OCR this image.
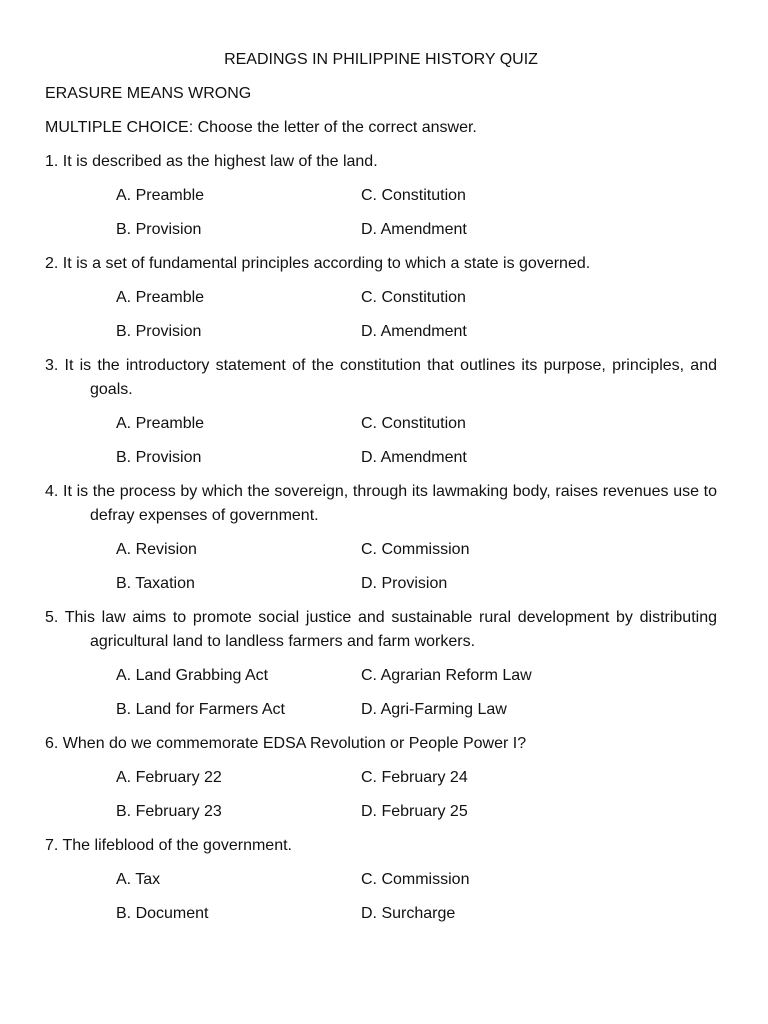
READINGS IN PHILIPPINE HISTORY QUIZ
ERASURE MEANS WRONG
MULTIPLE CHOICE: Choose the letter of the correct answer.
1. It is described as the highest law of the land.
A. Preamble	C. Constitution
B. Provision	D. Amendment
2. It is a set of fundamental principles according to which a state is governed.
A. Preamble	C. Constitution
B. Provision	D. Amendment
3. It is the introductory statement of the constitution that outlines its purpose, principles, and goals.
A. Preamble	C. Constitution
B. Provision	D. Amendment
4. It is the process by which the sovereign, through its lawmaking body, raises revenues use to defray expenses of government.
A. Revision	C. Commission
B. Taxation	D. Provision
5. This law aims to promote social justice and sustainable rural development by distributing agricultural land to landless farmers and farm workers.
A. Land Grabbing Act	C. Agrarian Reform Law
B. Land for Farmers Act	D. Agri-Farming Law
6. When do we commemorate EDSA Revolution or People Power I?
A. February 22	C. February 24
B. February 23	D. February 25
7. The lifeblood of the government.
A. Tax	C. Commission
B. Document	D. Surcharge
